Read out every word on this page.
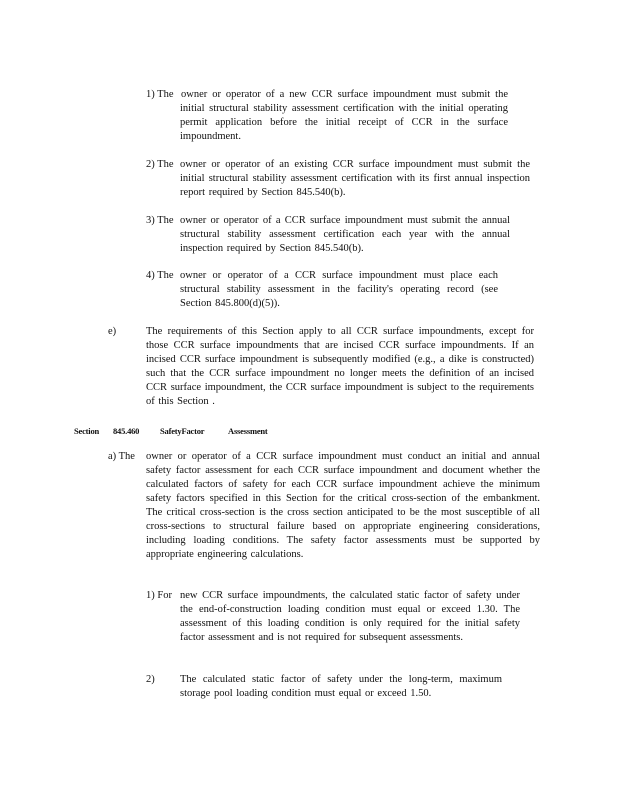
1) The owner or operator of a new CCR surface impoundment must submit the initial structural stability assessment certification with the initial operating permit application before the initial receipt of CCR in the surface impoundment.
2) The owner or operator of an existing CCR surface impoundment must submit the initial structural stability assessment certification with its first annual inspection report required by Section 845.540(b).
3) The owner or operator of a CCR surface impoundment must submit the annual structural stability assessment certification each year with the annual inspection required by Section 845.540(b).
4) The owner or operator of a CCR surface impoundment must place each structural stability assessment in the facility's operating record (see Section 845.800(d)(5)).
e)	The requirements of this Section apply to all CCR surface impoundments, except for those CCR surface impoundments that are incised CCR surface impoundments. If an incised CCR surface impoundment is subsequently modified (e.g., a dike is constructed) such that the CCR surface impoundment no longer meets the definition of an incised CCR surface impoundment, the CCR surface impoundment is subject to the requirements of this Section .
Section 845.460 SafetyFactor	Assessment
a) The owner or operator of a CCR surface impoundment must conduct an initial and annual safety factor assessment for each CCR surface impoundment and document whether the calculated factors of safety for each CCR surface impoundment achieve the minimum safety factors specified in this Section for the critical cross-section of the embankment. The critical cross-section is the cross section anticipated to be the most susceptible of all cross-sections to structural failure based on appropriate engineering considerations, including loading conditions. The safety factor assessments must be supported by appropriate engineering calculations.
1) For new CCR surface impoundments, the calculated static factor of safety under the end-of-construction loading condition must equal or exceed 1.30. The assessment of this loading condition is only required for the initial safety factor assessment and is not required for subsequent assessments.
2) The calculated static factor of safety under the long-term, maximum storage pool loading condition must equal or exceed 1.50.
